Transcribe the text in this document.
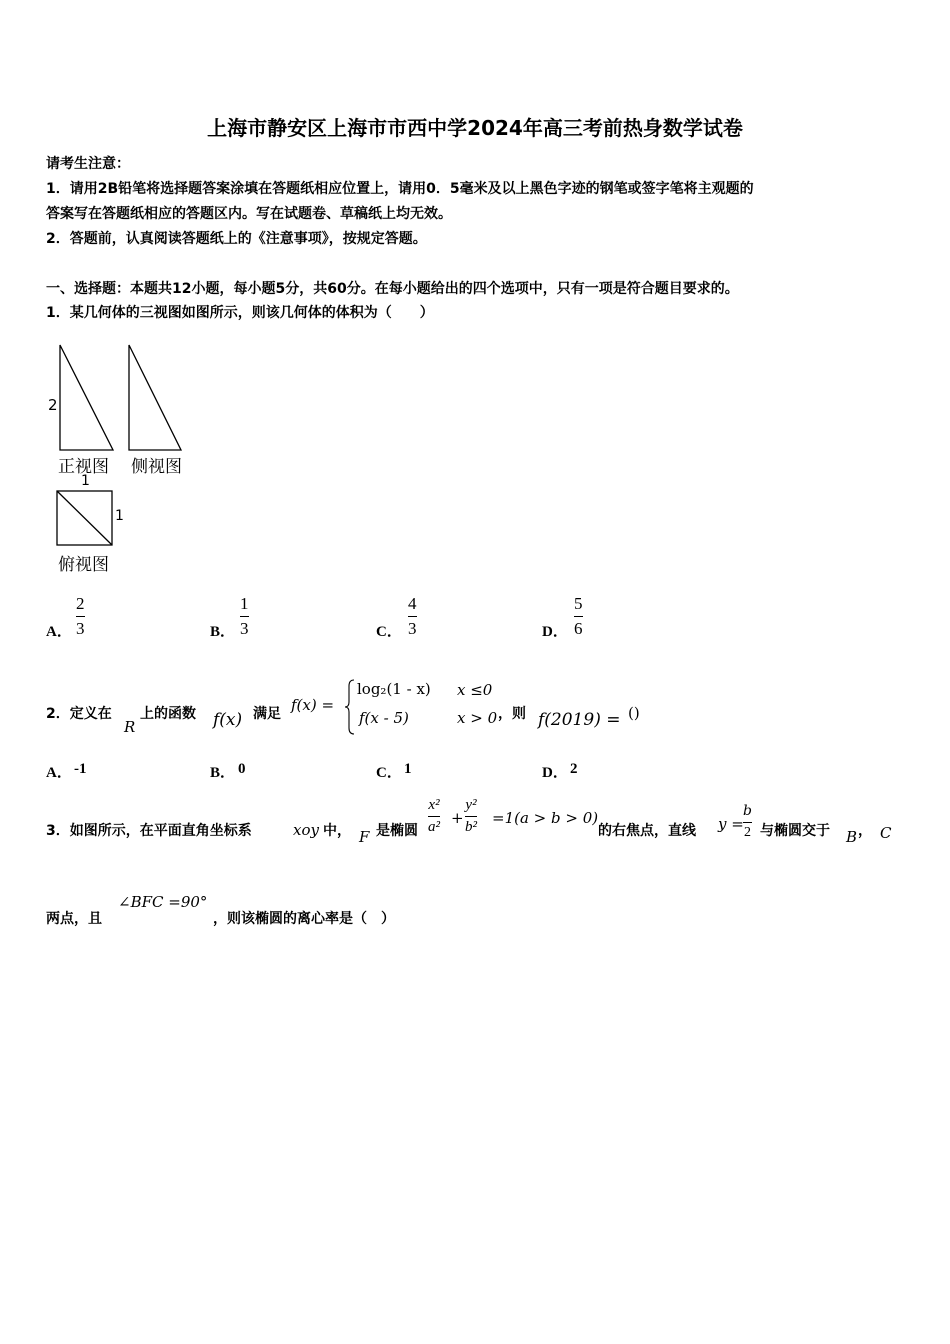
上海市静安区上海市市西中学2024年高三考前热身数学试卷
请考生注意：
1．请用2B铅笔将选择题答案涂填在答题纸相应位置上，请用0．5毫米及以上黑色字迹的钢笔或签字笔将主观题的
答案写在答题纸相应的答题区内。写在试题卷、草稿纸上均无效。
2．答题前，认真阅读答题纸上的《注意事项》，按规定答题。
一、选择题：本题共12小题，每小题5分，共60分。在每小题给出的四个选项中，只有一项是符合题目要求的。
1．某几何体的三视图如图所示，则该几何体的体积为（　　）
2
正视图 侧视图
1
1
俯视图
A．
2
3	B．
1
3	C．
4
3	D．
5
6
2．定义在
R
上的函数 f(x) 满足 f(x) =
log₂(1 - x) x ≤0
f(x - 5)	x > 0 ，则 f(2019) = ()
A． -1	B． 0	C． 1	D． 2
3．如图所示，在平面直角坐标系	xoy 中， F 是椭圆
x²
a² +
y²
b² =1(a > b > 0)
的右焦点，直线 y =
b
2 与椭圆交于 B ， C
两点，且
∠BFC =90°
，则该椭圆的离心率是（　）
